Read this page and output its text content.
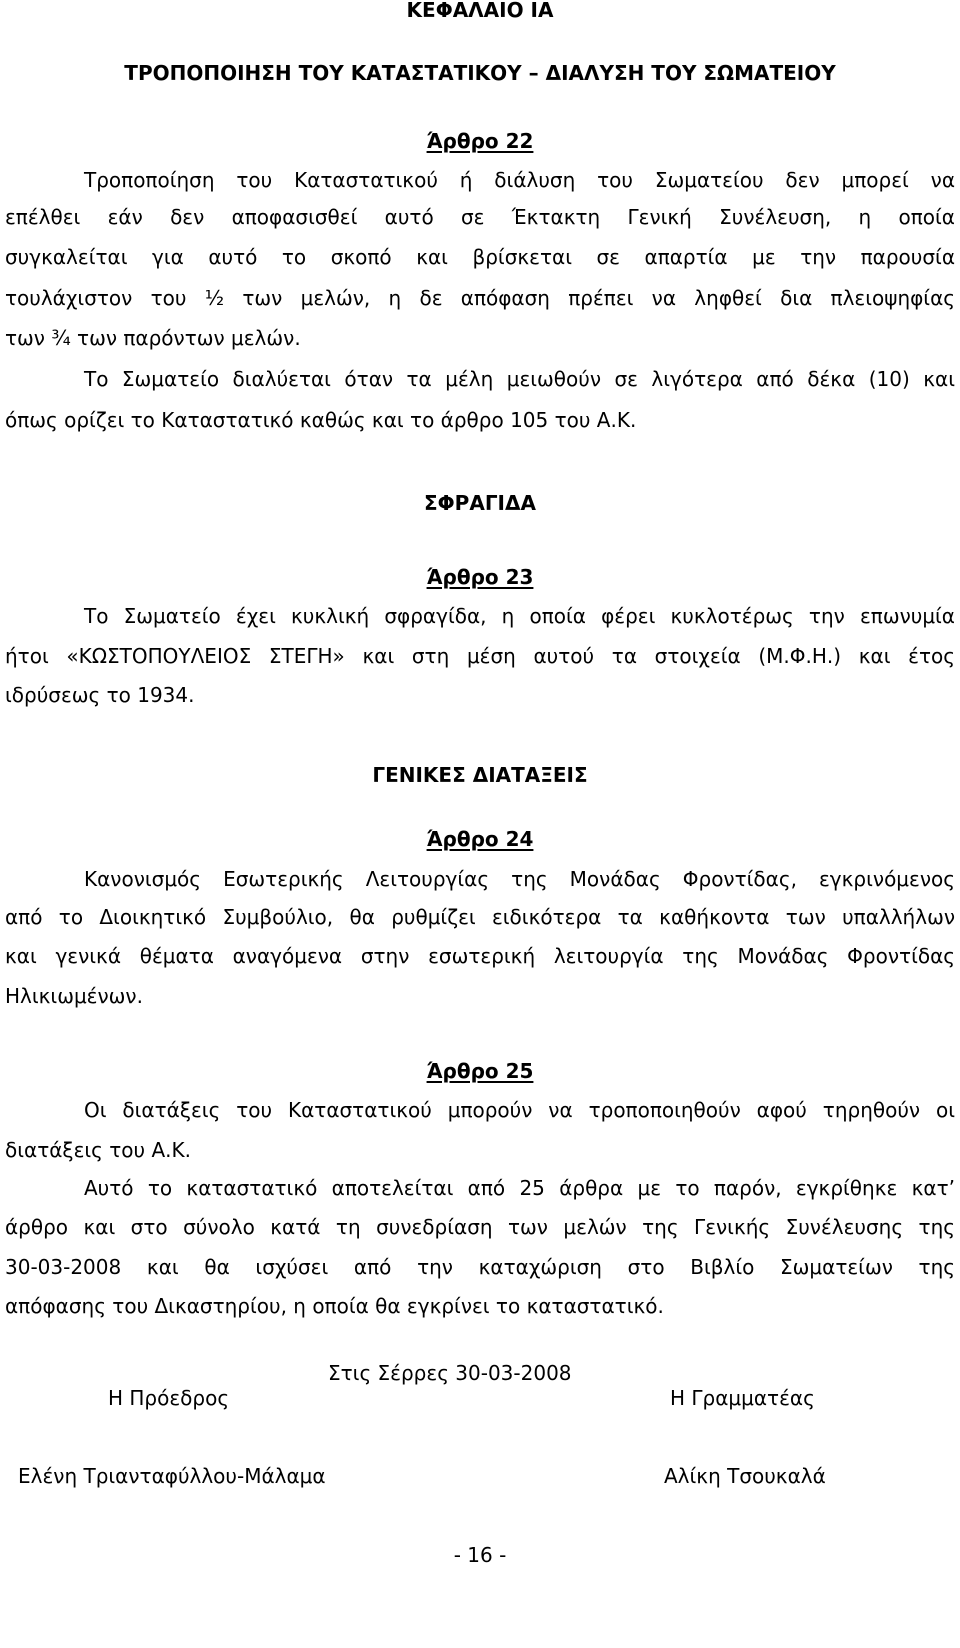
ΚΕΦΑΛΑΙΟ ΙΑ
ΤΡΟΠΟΠΟΙΗΣΗ ΤΟΥ ΚΑΤΑΣΤΑΤΙΚΟΥ – ΔΙΑΛΥΣΗ ΤΟΥ ΣΩΜΑΤΕΙΟΥ
Άρθρο 22
Τροποποίηση του Καταστατικού ή διάλυση του Σωματείου δεν μπορεί να
επέλθει εάν δεν αποφασισθεί αυτό σε Έκτακτη Γενική Συνέλευση, η οποία
συγκαλείται για αυτό το σκοπό και βρίσκεται σε απαρτία με την παρουσία
τουλάχιστον του ½ των μελών, η δε απόφαση πρέπει να ληφθεί δια πλειοψηφίας
των ¾ των παρόντων μελών.
Το Σωματείο διαλύεται όταν τα μέλη μειωθούν σε λιγότερα από δέκα (10) και
όπως ορίζει το Καταστατικό καθώς και το άρθρο 105 του Α.Κ.
ΣΦΡΑΓΙΔΑ
Άρθρο 23
Το Σωματείο έχει κυκλική σφραγίδα, η οποία φέρει κυκλοτέρως την επωνυμία
ήτοι «ΚΩΣΤΟΠΟΥΛΕΙΟΣ ΣΤΕΓΗ» και στη μέση αυτού τα στοιχεία (Μ.Φ.Η.) και έτος
ιδρύσεως το 1934.
ΓΕΝΙΚΕΣ ΔΙΑΤΑΞΕΙΣ
Άρθρο 24
Κανονισμός Εσωτερικής Λειτουργίας της Μονάδας Φροντίδας, εγκρινόμενος
από το Διοικητικό Συμβούλιο, θα ρυθμίζει ειδικότερα τα καθήκοντα των υπαλλήλων
και γενικά θέματα αναγόμενα στην εσωτερική λειτουργία της Μονάδας Φροντίδας
Ηλικιωμένων.
Άρθρο 25
Οι διατάξεις του Καταστατικού μπορούν να τροποποιηθούν αφού τηρηθούν οι
διατάξεις του Α.Κ.
Αυτό το καταστατικό αποτελείται από 25 άρθρα με το παρόν, εγκρίθηκε κατ’
άρθρο και στο σύνολο κατά τη συνεδρίαση των μελών της Γενικής Συνέλευσης της
30-03-2008 και θα ισχύσει από την καταχώριση στο Βιβλίο Σωματείων της
απόφασης του Δικαστηρίου, η οποία θα εγκρίνει το καταστατικό.
Στις Σέρρες 30-03-2008
Η Πρόεδρος	Η Γραμματέας
Ελένη Τριανταφύλλου-Μάλαμα	Αλίκη Τσουκαλά
- 16 -
